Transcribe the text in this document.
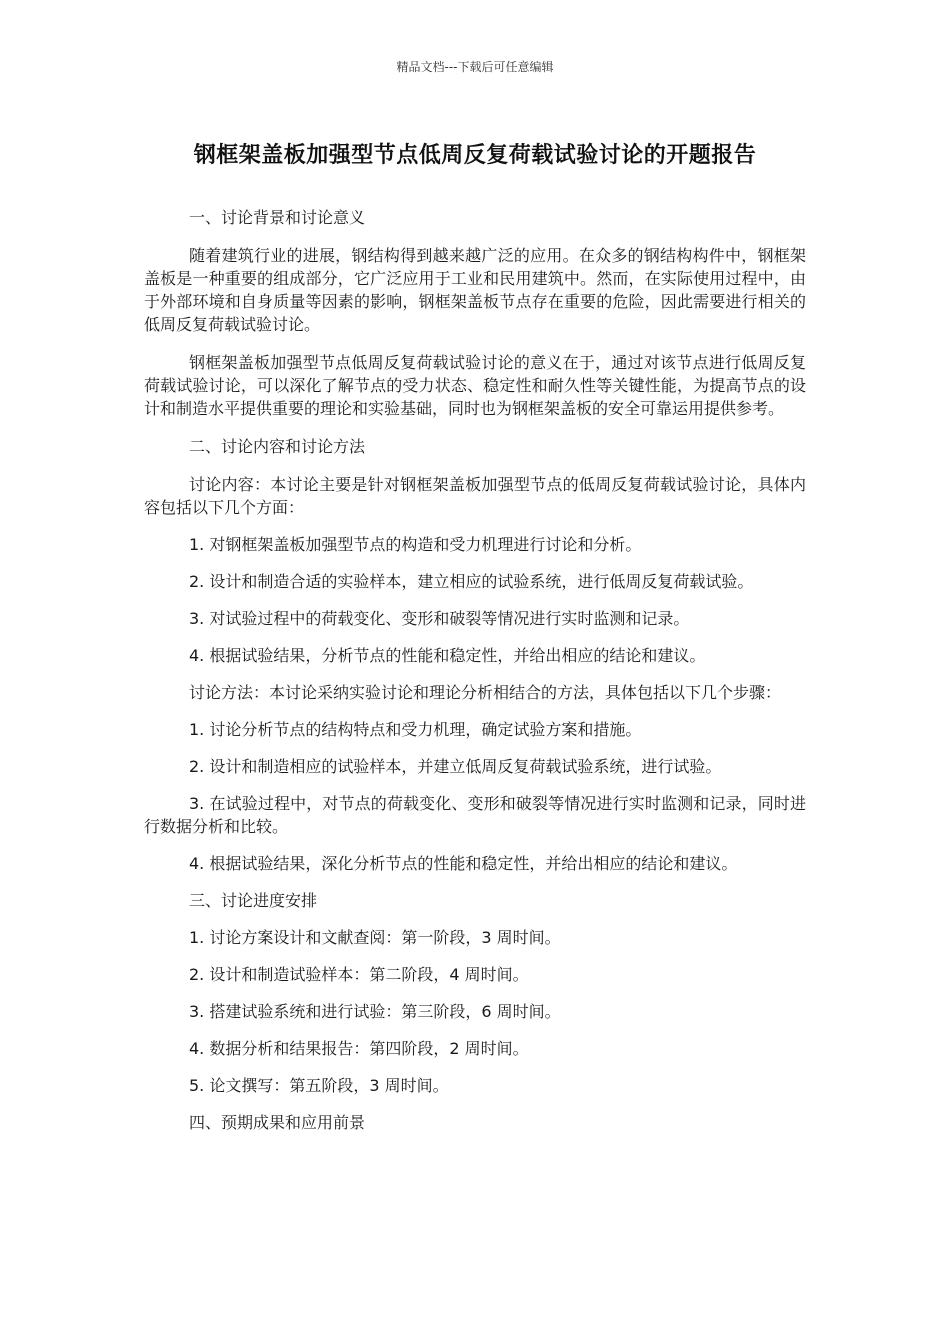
精品文档---下载后可任意编辑
钢框架盖板加强型节点低周反复荷载试验讨论的开题报告

一、讨论背景和讨论意义

随着建筑行业的进展，钢结构得到越来越广泛的应用。在众多的钢结构构件中，钢框架盖板是一种重要的组成部分，它广泛应用于工业和民用建筑中。然而，在实际使用过程中，由于外部环境和自身质量等因素的影响，钢框架盖板节点存在重要的危险，因此需要进行相关的低周反复荷载试验讨论。

钢框架盖板加强型节点低周反复荷载试验讨论的意义在于，通过对该节点进行低周反复荷载试验讨论，可以深化了解节点的受力状态、稳定性和耐久性等关键性能，为提高节点的设计和制造水平提供重要的理论和实验基础，同时也为钢框架盖板的安全可靠运用提供参考。

二、讨论内容和讨论方法

讨论内容：本讨论主要是针对钢框架盖板加强型节点的低周反复荷载试验讨论，具体内容包括以下几个方面：

1. 对钢框架盖板加强型节点的构造和受力机理进行讨论和分析。

2. 设计和制造合适的实验样本，建立相应的试验系统，进行低周反复荷载试验。

3. 对试验过程中的荷载变化、变形和破裂等情况进行实时监测和记录。

4. 根据试验结果，分析节点的性能和稳定性，并给出相应的结论和建议。

讨论方法：本讨论采纳实验讨论和理论分析相结合的方法，具体包括以下几个步骤：

1. 讨论分析节点的结构特点和受力机理，确定试验方案和措施。

2. 设计和制造相应的试验样本，并建立低周反复荷载试验系统，进行试验。

3. 在试验过程中，对节点的荷载变化、变形和破裂等情况进行实时监测和记录，同时进行数据分析和比较。

4. 根据试验结果，深化分析节点的性能和稳定性，并给出相应的结论和建议。

三、讨论进度安排

1. 讨论方案设计和文献查阅：第一阶段，3 周时间。

2. 设计和制造试验样本：第二阶段，4 周时间。

3. 搭建试验系统和进行试验：第三阶段，6 周时间。

4. 数据分析和结果报告：第四阶段，2 周时间。

5. 论文撰写：第五阶段，3 周时间。

四、预期成果和应用前景
